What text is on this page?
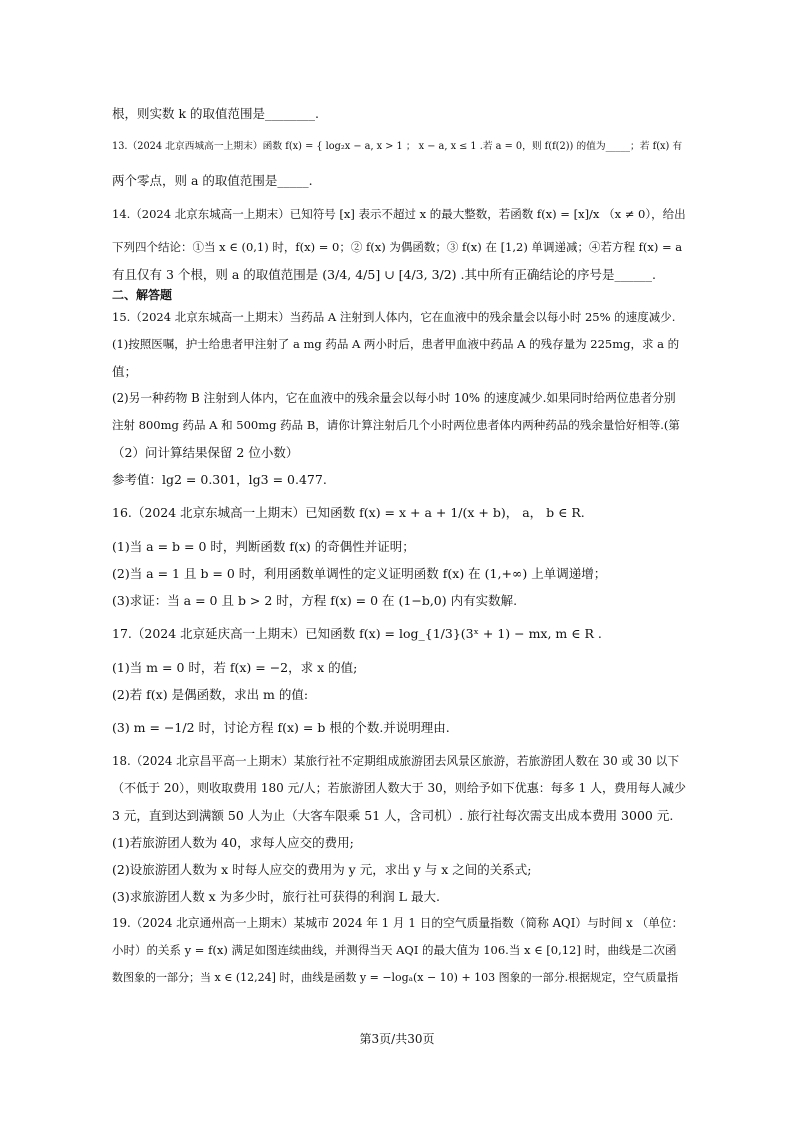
根，则实数 k 的取值范围是________.
13.（2024 北京西城高一上期末）函数 f(x) = { log₂x − a, x > 1 ； x − a, x ≤ 1 .若 a = 0，则 f(f(2)) 的值为_____；若 f(x) 有
两个零点，则 a 的取值范围是_____.
14.（2024 北京东城高一上期末）已知符号 [x] 表示不超过 x 的最大整数，若函数 f(x) = [x]/x （x ≠ 0），给出
下列四个结论：①当 x ∈ (0,1) 时，f(x) = 0；② f(x) 为偶函数；③ f(x) 在 [1,2) 单调递减；④若方程 f(x) = a
有且仅有 3 个根，则 a 的取值范围是 (3/4, 4/5] ∪ [4/3, 3/2) .其中所有正确结论的序号是______.
二、解答题
15.（2024 北京东城高一上期末）当药品 A 注射到人体内，它在血液中的残余量会以每小时 25% 的速度减少.
(1)按照医嘱，护士给患者甲注射了 a mg 药品 A 两小时后，患者甲血液中药品 A 的残存量为 225mg，求 a 的
值；
(2)另一种药物 B 注射到人体内，它在血液中的残余量会以每小时 10% 的速度减少.如果同时给两位患者分别
注射 800mg 药品 A 和 500mg 药品 B，请你计算注射后几个小时两位患者体内两种药品的残余量恰好相等.(第
（2）问计算结果保留 2 位小数）
参考值：lg2 = 0.301，lg3 = 0.477.
16.（2024 北京东城高一上期末）已知函数 f(x) = x + a + 1/(x + b)， a， b ∈ R.
(1)当 a = b = 0 时，判断函数 f(x) 的奇偶性并证明；
(2)当 a = 1 且 b = 0 时，利用函数单调性的定义证明函数 f(x) 在 (1,+∞) 上单调递增；
(3)求证：当 a = 0 且 b > 2 时，方程 f(x) = 0 在 (1−b,0) 内有实数解.
17.（2024 北京延庆高一上期末）已知函数 f(x) = log_{1/3}(3ˣ + 1) − mx, m ∈ R .
(1)当 m = 0 时，若 f(x) = −2，求 x 的值;
(2)若 f(x) 是偶函数，求出 m 的值:
(3) m = −1/2 时，讨论方程 f(x) = b 根的个数.并说明理由.
18.（2024 北京昌平高一上期末）某旅行社不定期组成旅游团去风景区旅游，若旅游团人数在 30 或 30 以下
（不低于 20），则收取费用 180 元/人；若旅游团人数大于 30，则给予如下优惠：每多 1 人，费用每人减少
3 元，直到达到满额 50 人为止（大客车限乘 51 人，含司机）. 旅行社每次需支出成本费用 3000 元.
(1)若旅游团人数为 40，求每人应交的费用;
(2)设旅游团人数为 x 时每人应交的费用为 y 元，求出 y 与 x 之间的关系式;
(3)求旅游团人数 x 为多少时，旅行社可获得的利润 L 最大.
19.（2024 北京通州高一上期末）某城市 2024 年 1 月 1 日的空气质量指数（简称 AQI）与时间 x （单位：
小时）的关系 y = f(x) 满足如图连续曲线，并测得当天 AQI 的最大值为 106.当 x ∈ [0,12] 时，曲线是二次函
数图象的一部分；当 x ∈ (12,24] 时，曲线是函数 y = −logₐ(x − 10) + 103 图象的一部分.根据规定，空气质量指
第3页/共30页
